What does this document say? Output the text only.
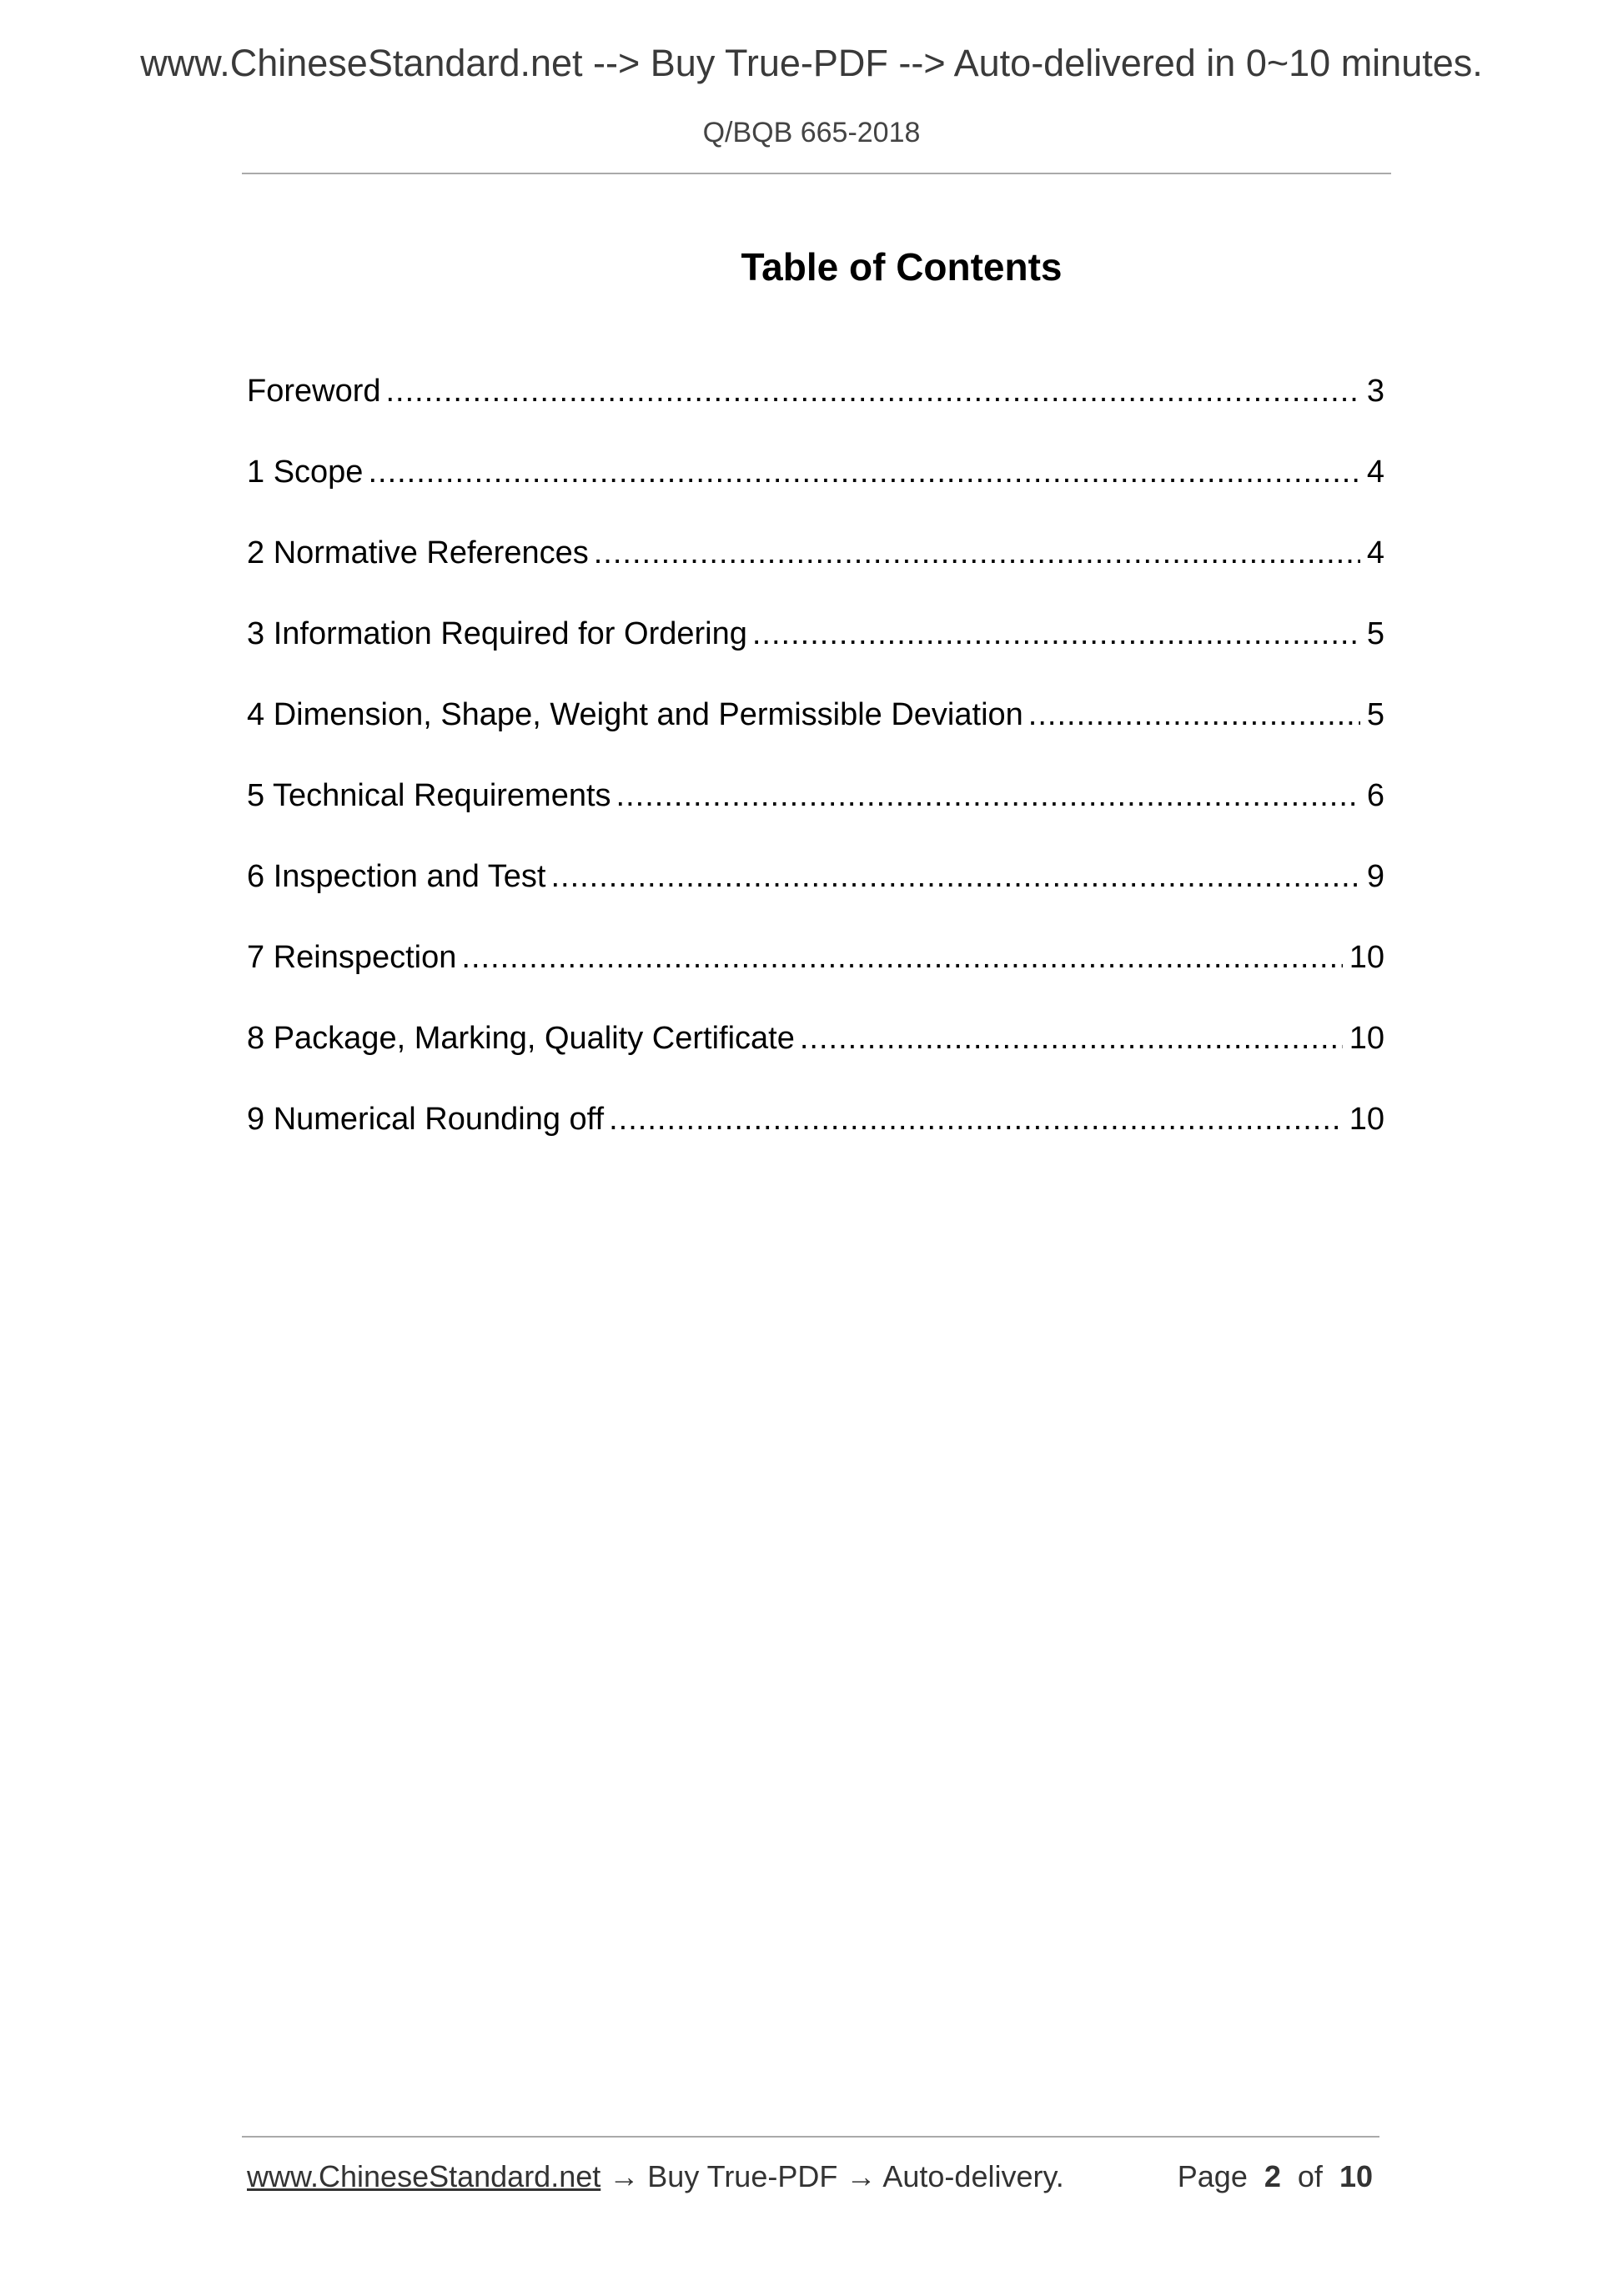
www.ChineseStandard.net --> Buy True-PDF --> Auto-delivered in 0~10 minutes.
Q/BQB 665-2018
Table of Contents
Foreword .....	3
1 Scope .....	4
2 Normative References .....	4
3 Information Required for Ordering .....	5
4 Dimension, Shape, Weight and Permissible Deviation .....	5
5 Technical Requirements .....	6
6 Inspection and Test .....	9
7 Reinspection .....	10
8 Package, Marking, Quality Certificate .....	10
9 Numerical Rounding off .....	10
www.ChineseStandard.net → Buy True-PDF → Auto-delivery.	Page 2 of 10
